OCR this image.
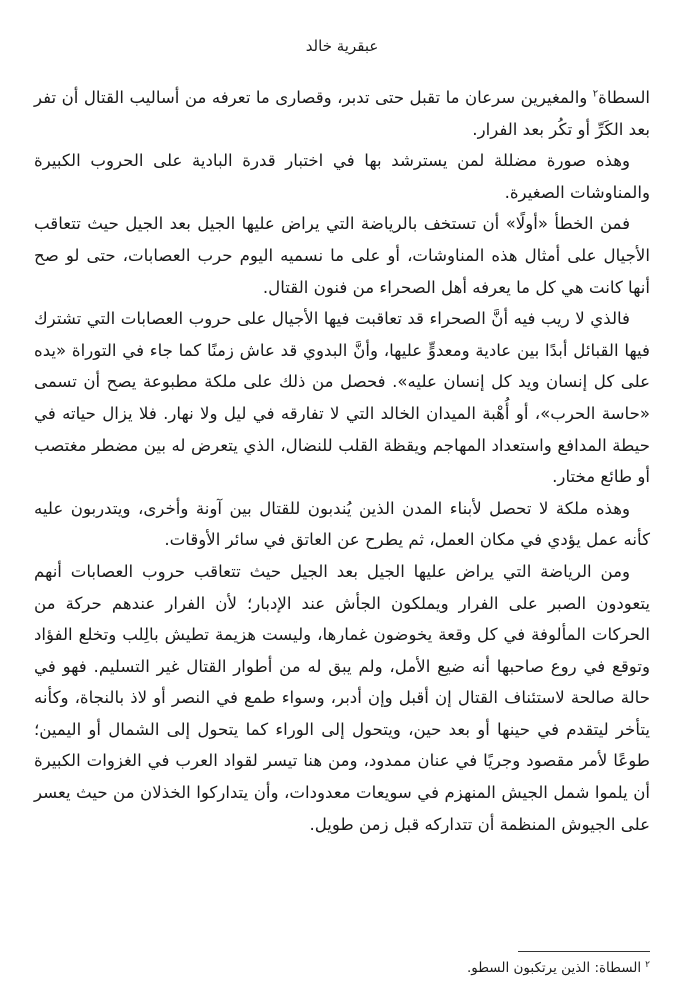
عبقرية خالد

السطاة$^٢$ والمغيرين سرعان ما تقبل حتى تدبر، وقصارى ما تعرفه من أساليب القتال أن تفر بعد الكَرِّ أو تكُر بعد الفرار.

وهذه صورة مضللة لمن يسترشد بها في اختبار قدرة البادية على الحروب الكبيرة والمناوشات الصغيرة.

فمن الخطأ «أولًا» أن تستخف بالرياضة التي يراض عليها الجيل بعد الجيل حيث تتعاقب الأجيال على أمثال هذه المناوشات، أو على ما نسميه اليوم حرب العصابات، حتى لو صح أنها كانت هي كل ما يعرفه أهل الصحراء من فنون القتال.

فالذي لا ريب فيه أنَّ الصحراء قد تعاقبت فيها الأجيال على حروب العصابات التي تشترك فيها القبائل أبدًا بين عادية ومعدوٍّ عليها، وأنَّ البدوي قد عاش زمنًا كما جاء في التوراة «يده على كل إنسان ويد كل إنسان عليه». فحصل من ذلك على ملكة مطبوعة يصح أن تسمى «حاسة الحرب»، أو أُهْبة الميدان الخالد التي لا تفارقه في ليل ولا نهار. فلا يزال حياته في حيطة المدافع واستعداد المهاجم ويقظة القلب للنضال، الذي يتعرض له بين مضطر مغتصب أو طائع مختار.

وهذه ملكة لا تحصل لأبناء المدن الذين يُندبون للقتال بين آونة وأخرى، ويتدربون عليه كأنه عمل يؤدي في مكان العمل، ثم يطرح عن العاتق في سائر الأوقات.

ومن الرياضة التي يراض عليها الجيل بعد الجيل حيث تتعاقب حروب العصابات أنهم يتعودون الصبر على الفرار ويملكون الجأش عند الإدبار؛ لأن الفرار عندهم حركة من الحركات المألوفة في كل وقعة يخوضون غمارها، وليست هزيمة تطيش بالِلب وتخلع الفؤاد وتوقع في روع صاحبها أنه ضيع الأمل، ولم يبق له من أطوار القتال غير التسليم. فهو في حالة صالحة لاستئناف القتال إن أقبل وإن أدبر، وسواء طمع في النصر أو لاذ بالنجاة، وكأنه يتأخر ليتقدم في حينها أو بعد حين، ويتحول إلى الوراء كما يتحول إلى الشمال أو اليمين؛ طوعًا لأمر مقصود وجريًا في عنان ممدود، ومن هنا تيسر لقواد العرب في الغزوات الكبيرة أن يلموا شمل الجيش المنهزم في سويعات معدودات، وأن يتداركوا الخذلان من حيث يعسر على الجيوش المنظمة أن تتداركه قبل زمن طويل.

$^٢$السطاة: الذين يرتكبون السطو.
